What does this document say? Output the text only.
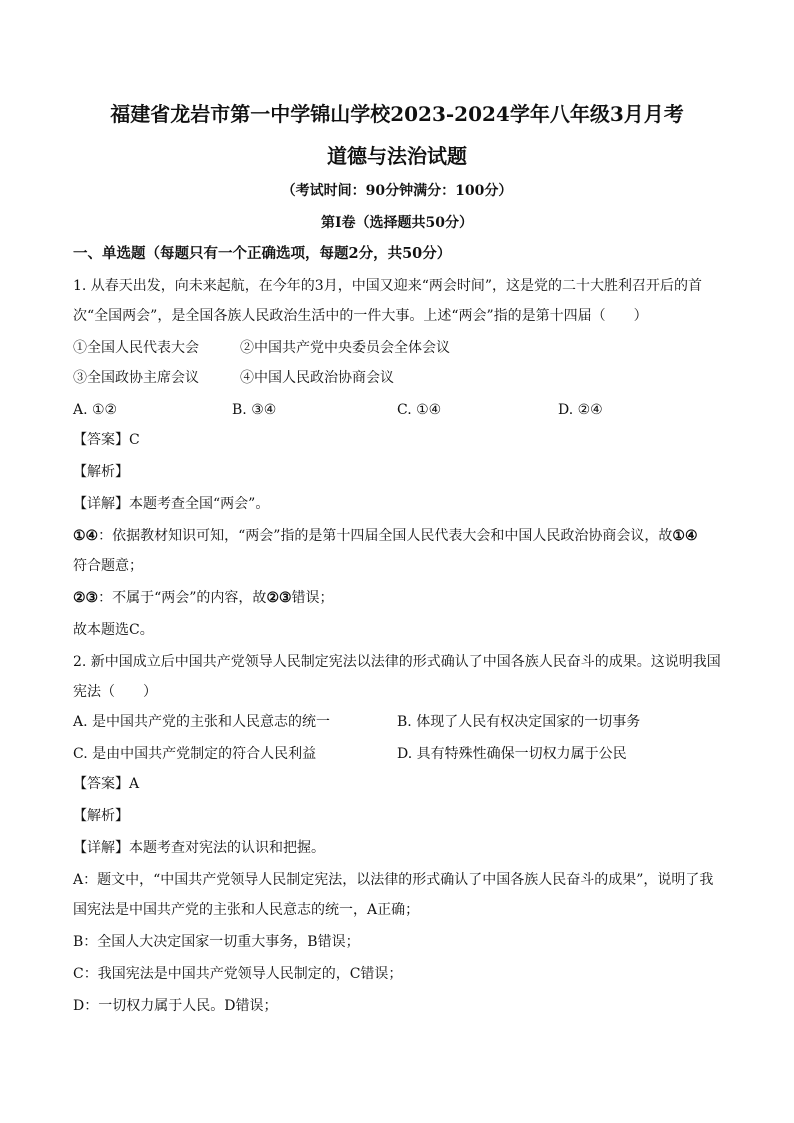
福建省龙岩市第一中学锦山学校2023-2024学年八年级3月月考
道德与法治试题
（考试时间：90分钟满分：100分）
第Ⅰ卷（选择题共50分）
一、单选题（每题只有一个正确选项，每题2分，共50分）
1. 从春天出发，向未来起航，在今年的3月，中国又迎来“两会时间”，这是党的二十大胜利召开后的首
次“全国两会”，是全国各族人民政治生活中的一件大事。上述“两会”指的是第十四届（　　）
①全国人民代表大会	②中国共产党中央委员会全体会议
③全国政协主席会议	④中国人民政治协商会议
A. ①②	B. ③④	C. ①④	D. ②④
【答案】C
【解析】
【详解】本题考查全国“两会”。
①④：依据教材知识可知，“两会”指的是第十四届全国人民代表大会和中国人民政治协商会议，故①④
符合题意；
②③：不属于“两会”的内容，故②③错误；
故本题选C。
2. 新中国成立后中国共产党领导人民制定宪法以法律的形式确认了中国各族人民奋斗的成果。这说明我国
宪法（　　）
A. 是中国共产党的主张和人民意志的统一	B. 体现了人民有权决定国家的一切事务
C. 是由中国共产党制定的符合人民利益	D. 具有特殊性确保一切权力属于公民
【答案】A
【解析】
【详解】本题考查对宪法的认识和把握。
A：题文中，“中国共产党领导人民制定宪法，以法律的形式确认了中国各族人民奋斗的成果”，说明了我
国宪法是中国共产党的主张和人民意志的统一，A正确；
B：全国人大决定国家一切重大事务，B错误；
C：我国宪法是中国共产党领导人民制定的，C错误；
D：一切权力属于人民。D错误；
